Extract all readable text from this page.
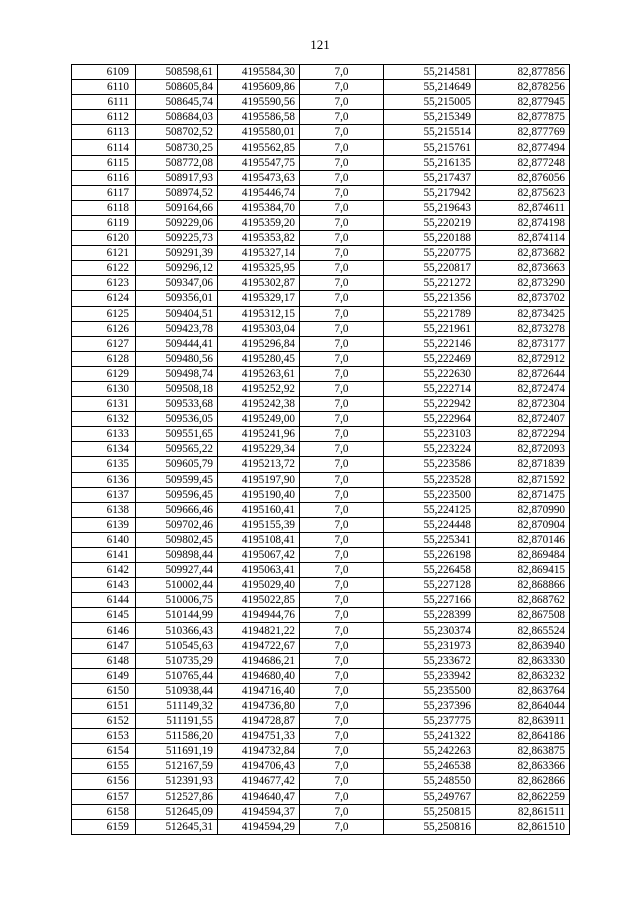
121
6109	508598,61	4195584,30	7,0	55,214581	82,877856
6110	508605,84	4195609,86	7,0	55,214649	82,878256
6111	508645,74	4195590,56	7,0	55,215005	82,877945
6112	508684,03	4195586,58	7,0	55,215349	82,877875
6113	508702,52	4195580,01	7,0	55,215514	82,877769
6114	508730,25	4195562,85	7,0	55,215761	82,877494
6115	508772,08	4195547,75	7,0	55,216135	82,877248
6116	508917,93	4195473,63	7,0	55,217437	82,876056
6117	508974,52	4195446,74	7,0	55,217942	82,875623
6118	509164,66	4195384,70	7,0	55,219643	82,874611
6119	509229,06	4195359,20	7,0	55,220219	82,874198
6120	509225,73	4195353,82	7,0	55,220188	82,874114
6121	509291,39	4195327,14	7,0	55,220775	82,873682
6122	509296,12	4195325,95	7,0	55,220817	82,873663
6123	509347,06	4195302,87	7,0	55,221272	82,873290
6124	509356,01	4195329,17	7,0	55,221356	82,873702
6125	509404,51	4195312,15	7,0	55,221789	82,873425
6126	509423,78	4195303,04	7,0	55,221961	82,873278
6127	509444,41	4195296,84	7,0	55,222146	82,873177
6128	509480,56	4195280,45	7,0	55,222469	82,872912
6129	509498,74	4195263,61	7,0	55,222630	82,872644
6130	509508,18	4195252,92	7,0	55,222714	82,872474
6131	509533,68	4195242,38	7,0	55,222942	82,872304
6132	509536,05	4195249,00	7,0	55,222964	82,872407
6133	509551,65	4195241,96	7,0	55,223103	82,872294
6134	509565,22	4195229,34	7,0	55,223224	82,872093
6135	509605,79	4195213,72	7,0	55,223586	82,871839
6136	509599,45	4195197,90	7,0	55,223528	82,871592
6137	509596,45	4195190,40	7,0	55,223500	82,871475
6138	509666,46	4195160,41	7,0	55,224125	82,870990
6139	509702,46	4195155,39	7,0	55,224448	82,870904
6140	509802,45	4195108,41	7,0	55,225341	82,870146
6141	509898,44	4195067,42	7,0	55,226198	82,869484
6142	509927,44	4195063,41	7,0	55,226458	82,869415
6143	510002,44	4195029,40	7,0	55,227128	82,868866
6144	510006,75	4195022,85	7,0	55,227166	82,868762
6145	510144,99	4194944,76	7,0	55,228399	82,867508
6146	510366,43	4194821,22	7,0	55,230374	82,865524
6147	510545,63	4194722,67	7,0	55,231973	82,863940
6148	510735,29	4194686,21	7,0	55,233672	82,863330
6149	510765,44	4194680,40	7,0	55,233942	82,863232
6150	510938,44	4194716,40	7,0	55,235500	82,863764
6151	511149,32	4194736,80	7,0	55,237396	82,864044
6152	511191,55	4194728,87	7,0	55,237775	82,863911
6153	511586,20	4194751,33	7,0	55,241322	82,864186
6154	511691,19	4194732,84	7,0	55,242263	82,863875
6155	512167,59	4194706,43	7,0	55,246538	82,863366
6156	512391,93	4194677,42	7,0	55,248550	82,862866
6157	512527,86	4194640,47	7,0	55,249767	82,862259
6158	512645,09	4194594,37	7,0	55,250815	82,861511
6159	512645,31	4194594,29	7,0	55,250816	82,861510
